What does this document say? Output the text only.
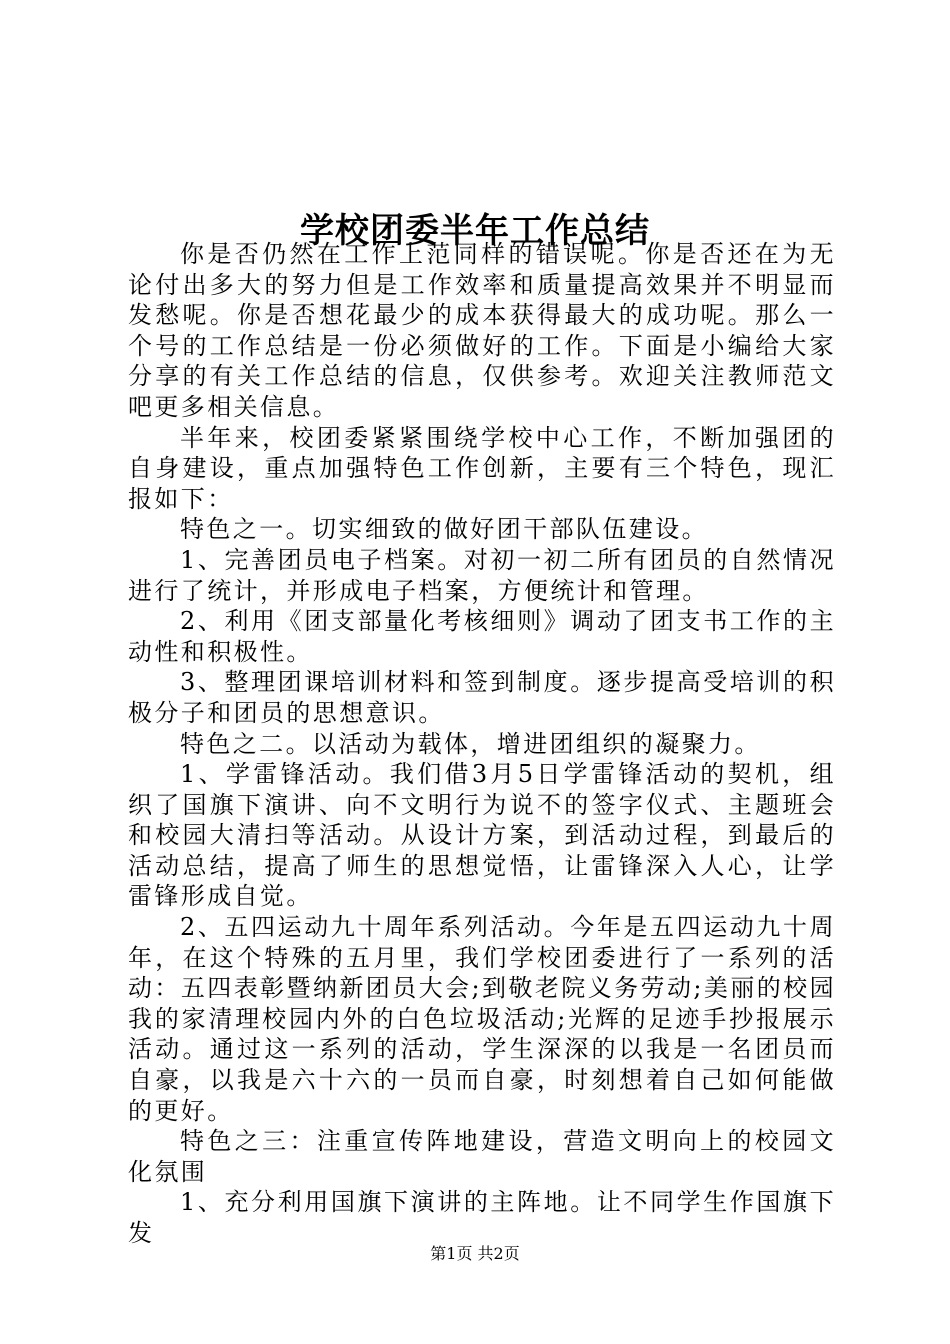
学校团委半年工作总结

你是否仍然在工作上范同样的错误呢。你是否还在为无论付出多大的努力但是工作效率和质量提高效果并不明显而发愁呢。你是否想花最少的成本获得最大的成功呢。那么一个号的工作总结是一份必须做好的工作。下面是小编给大家分享的有关工作总结的信息，仅供参考。欢迎关注教师范文吧更多相关信息。

半年来，校团委紧紧围绕学校中心工作，不断加强团的自身建设，重点加强特色工作创新，主要有三个特色，现汇报如下：

特色之一。切实细致的做好团干部队伍建设。

1、完善团员电子档案。对初一初二所有团员的自然情况进行了统计，并形成电子档案，方便统计和管理。

2、利用《团支部量化考核细则》调动了团支书工作的主动性和积极性。

3、整理团课培训材料和签到制度。逐步提高受培训的积极分子和团员的思想意识。

特色之二。以活动为载体，增进团组织的凝聚力。

1、学雷锋活动。我们借3月5日学雷锋活动的契机，组织了国旗下演讲、向不文明行为说不的签字仪式、主题班会和校园大清扫等活动。从设计方案，到活动过程，到最后的活动总结，提高了师生的思想觉悟，让雷锋深入人心，让学雷锋形成自觉。

2、五四运动九十周年系列活动。今年是五四运动九十周年，在这个特殊的五月里，我们学校团委进行了一系列的活动：五四表彰暨纳新团员大会;到敬老院义务劳动;美丽的校园我的家清理校园内外的白色垃圾活动;光辉的足迹手抄报展示活动。通过这一系列的活动，学生深深的以我是一名团员而自豪，以我是六十六的一员而自豪，时刻想着自己如何能做的更好。

特色之三：注重宣传阵地建设，营造文明向上的校园文化氛围

1、充分利用国旗下演讲的主阵地。让不同学生作国旗下发

第1页 共2页
